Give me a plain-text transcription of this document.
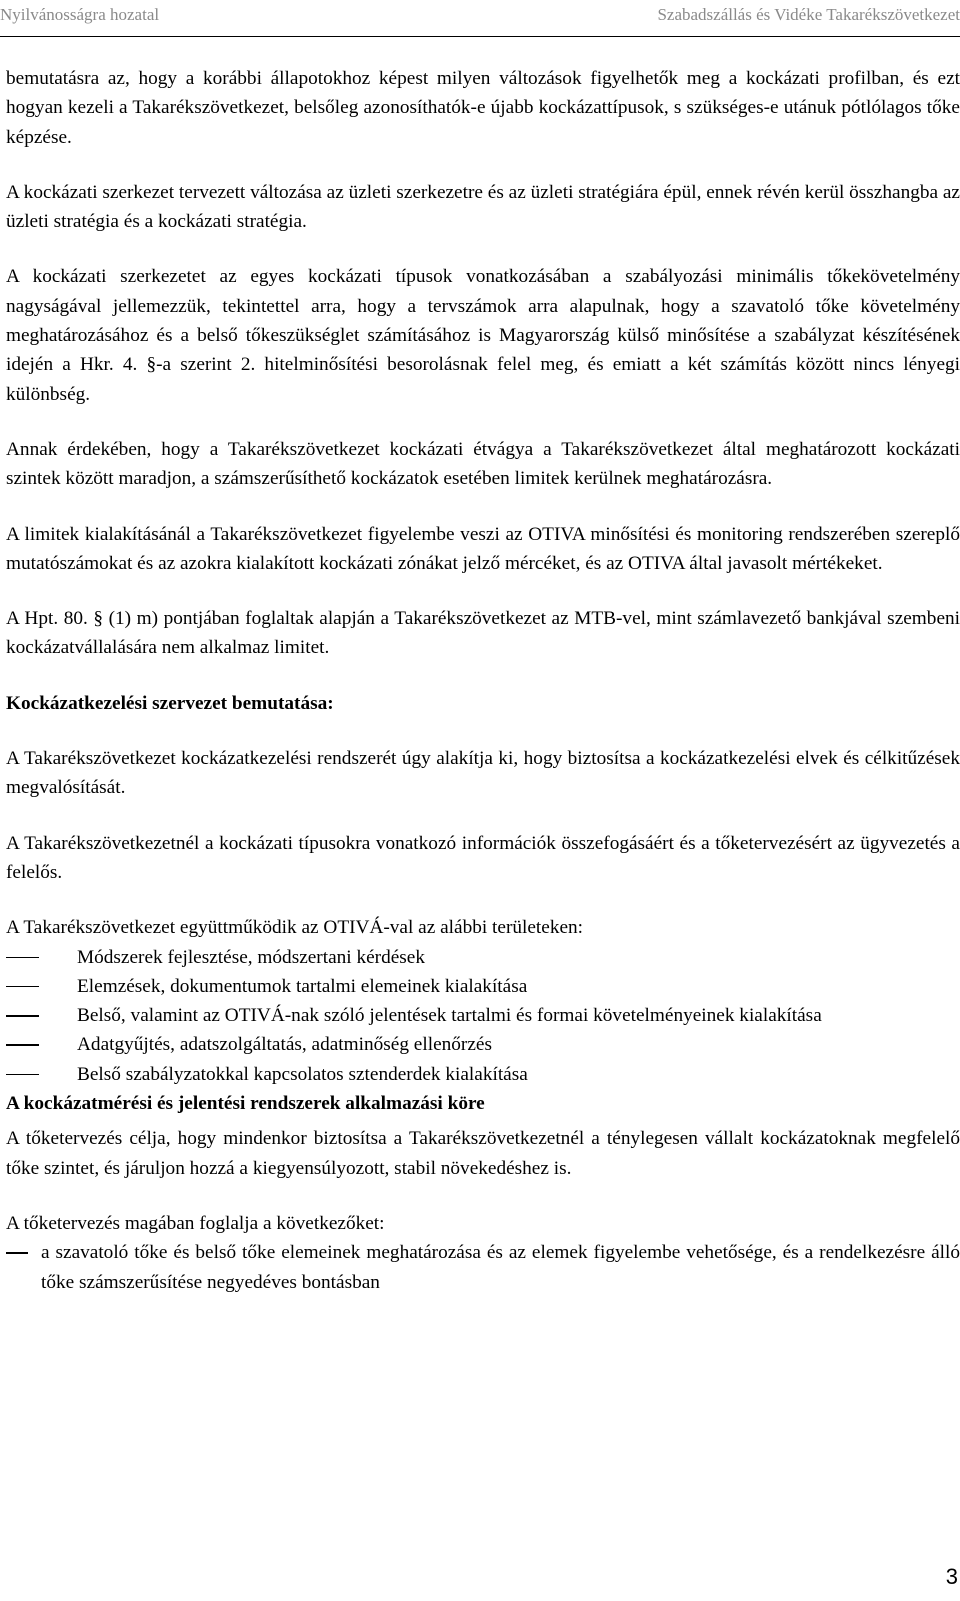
Nyilvánosságra hozatal	Szabadszállás és Vidéke Takarékszövetkezet

bemutatásra az, hogy a korábbi állapotokhoz képest milyen változások figyelhetők meg a kockázati profilban, és ezt hogyan kezeli a Takarékszövetkezet, belsőleg azonosíthatók-e újabb kockázattípusok, s szükséges-e utánuk pótlólagos tőke képzése.

A kockázati szerkezet tervezett változása az üzleti szerkezetre és az üzleti stratégiára épül, ennek révén kerül összhangba az üzleti stratégia és a kockázati stratégia.

A kockázati szerkezetet az egyes kockázati típusok vonatkozásában a szabályozási minimális tőkekövetelmény nagyságával jellemezzük, tekintettel arra, hogy a tervszámok arra alapulnak, hogy a szavatoló tőke követelmény meghatározásához és a belső tőkeszükséglet számításához is Magyarország külső minősítése a szabályzat készítésének idején a Hkr. 4. §-a szerint 2. hitelminősítési besorolásnak felel meg, és emiatt a két számítás között nincs lényegi különbség.

Annak érdekében, hogy a Takarékszövetkezet kockázati étvágya a Takarékszövetkezet által meghatározott kockázati szintek között maradjon, a számszerűsíthető kockázatok esetében limitek kerülnek meghatározásra.

A limitek kialakításánál a Takarékszövetkezet figyelembe veszi az OTIVA minősítési és monitoring rendszerében szereplő mutatószámokat és az azokra kialakított kockázati zónákat jelző mércéket, és az OTIVA által javasolt mértékeket.

A Hpt. 80. § (1) m) pontjában foglaltak alapján a Takarékszövetkezet az MTB-vel, mint számlavezető bankjával szembeni kockázatvállalására nem alkalmaz limitet.

Kockázatkezelési szervezet bemutatása:

A Takarékszövetkezet kockázatkezelési rendszerét úgy alakítja ki, hogy biztosítsa a kockázatkezelési elvek és célkitűzések megvalósítását.

A Takarékszövetkezetnél a kockázati típusokra vonatkozó információk összefogásáért és a tőketervezésért az ügyvezetés a felelős.

A Takarékszövetkezet együttműködik az OTIVÁ-val az alábbi területeken:

Módszerek fejlesztése, módszertani kérdések
Elemzések, dokumentumok tartalmi elemeinek kialakítása
Belső, valamint az OTIVÁ-nak szóló jelentések tartalmi és formai követelményeinek kialakítása
Adatgyűjtés, adatszolgáltatás, adatminőség ellenőrzés
Belső szabályzatokkal kapcsolatos sztenderdek kialakítása
A kockázatmérési és jelentési rendszerek alkalmazási köre

A tőketervezés célja, hogy mindenkor biztosítsa a Takarékszövetkezetnél a ténylegesen vállalt kockázatoknak megfelelő tőke szintet, és járuljon hozzá a kiegyensúlyozott, stabil növekedéshez is.

A tőketervezés magában foglalja a következőket:

a szavatoló tőke és belső tőke elemeinek meghatározása és az elemek figyelembe vehetősége, és a rendelkezésre álló tőke számszerűsítése negyedéves bontásban
3
